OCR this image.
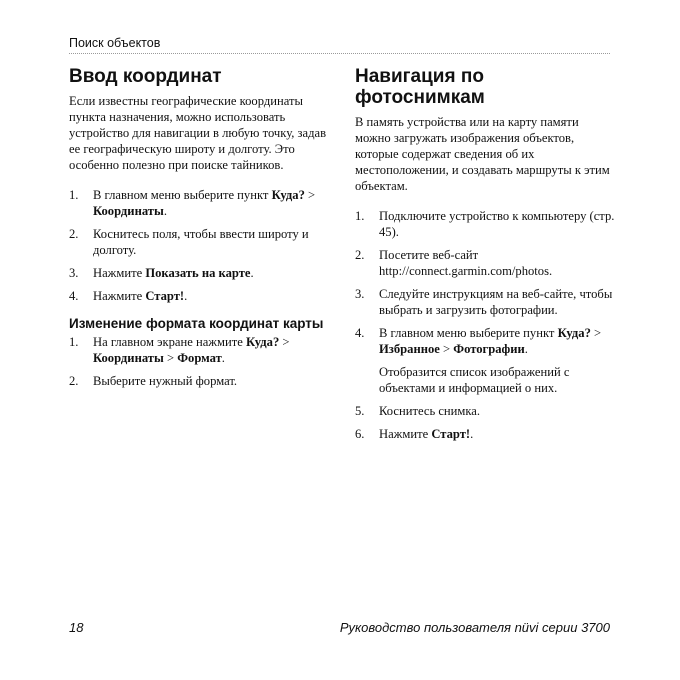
Поиск объектов
Ввод координат

Если известны географические координаты пункта назначения, можно использовать устройство для навигации в любую точку, задав ее географическую широту и долготу. Это особенно полезно при поиске тайников.

1. В главном меню выберите пункт Куда? > Координаты.
2. Коснитесь поля, чтобы ввести широту и долготу.
3. Нажмите Показать на карте.
4. Нажмите Старт!.
Изменение формата координат карты
1. На главном экране нажмите Куда? > Координаты > Формат.
2. Выберите нужный формат.
Навигация по фотоснимкам

В память устройства или на карту памяти можно загружать изображения объектов, которые содержат сведения об их местоположении, и создавать маршруты к этим объектам.

1. Подключите устройство к компьютеру (стр. 45).
2. Посетите веб-сайт http://connect.garmin.com/photos.
3. Следуйте инструкциям на веб-сайте, чтобы выбрать и загрузить фотографии.
4. В главном меню выберите пункт Куда? > Избранное > Фотографии.
Отобразится список изображений с объектами и информацией о них.
5. Коснитесь снимка.
6. Нажмите Старт!.
18	Руководство пользователя nüvi серии 3700
